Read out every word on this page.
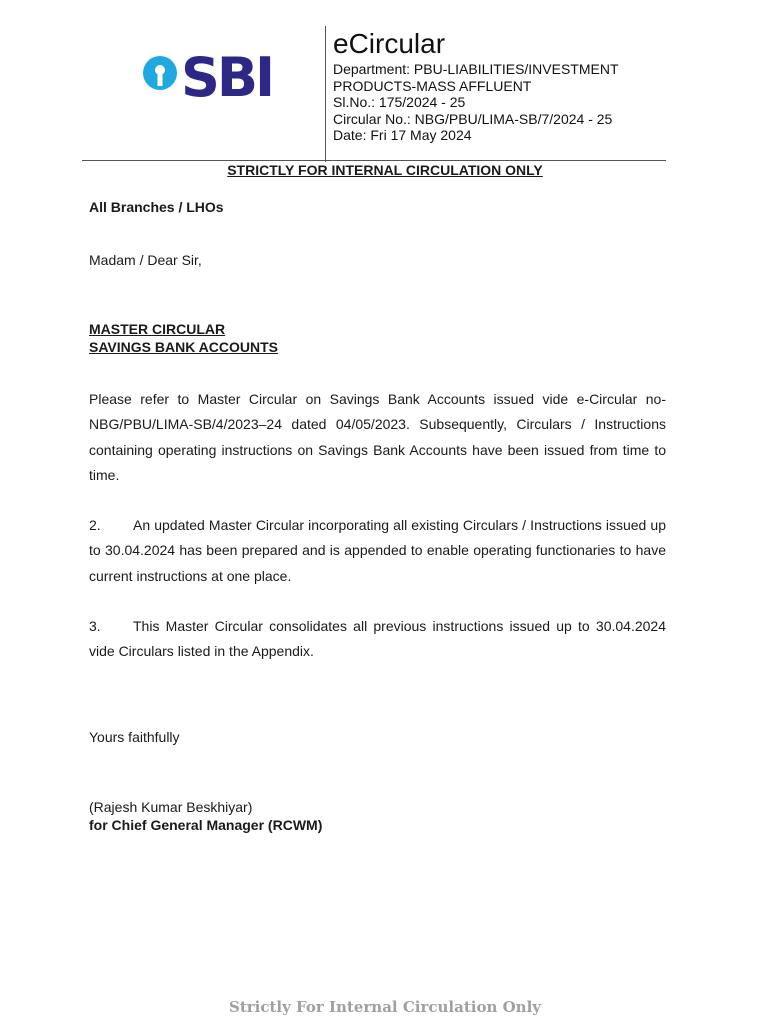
SBI
eCircular
Department: PBU-LIABILITIES/INVESTMENT
PRODUCTS-MASS AFFLUENT
Sl.No.: 175/2024 - 25
Circular No.: NBG/PBU/LIMA-SB/7/2024 - 25
Date: Fri 17 May 2024
STRICTLY FOR INTERNAL CIRCULATION ONLY
All Branches / LHOs
Madam / Dear Sir,
MASTER CIRCULAR
SAVINGS BANK ACCOUNTS
Please refer to Master Circular on Savings Bank Accounts issued vide e-Circular no- NBG/PBU/LIMA-SB/4/2023–24 dated 04/05/2023. Subsequently, Circulars / Instructions containing operating instructions on Savings Bank Accounts have been issued from time to time.
2. An updated Master Circular incorporating all existing Circulars / Instructions issued up to 30.04.2024 has been prepared and is appended to enable operating functionaries to have current instructions at one place.
3. This Master Circular consolidates all previous instructions issued up to 30.04.2024 vide Circulars listed in the Appendix.
Yours faithfully
(Rajesh Kumar Beskhiyar)
for Chief General Manager (RCWM)
Strictly For Internal Circulation Only
